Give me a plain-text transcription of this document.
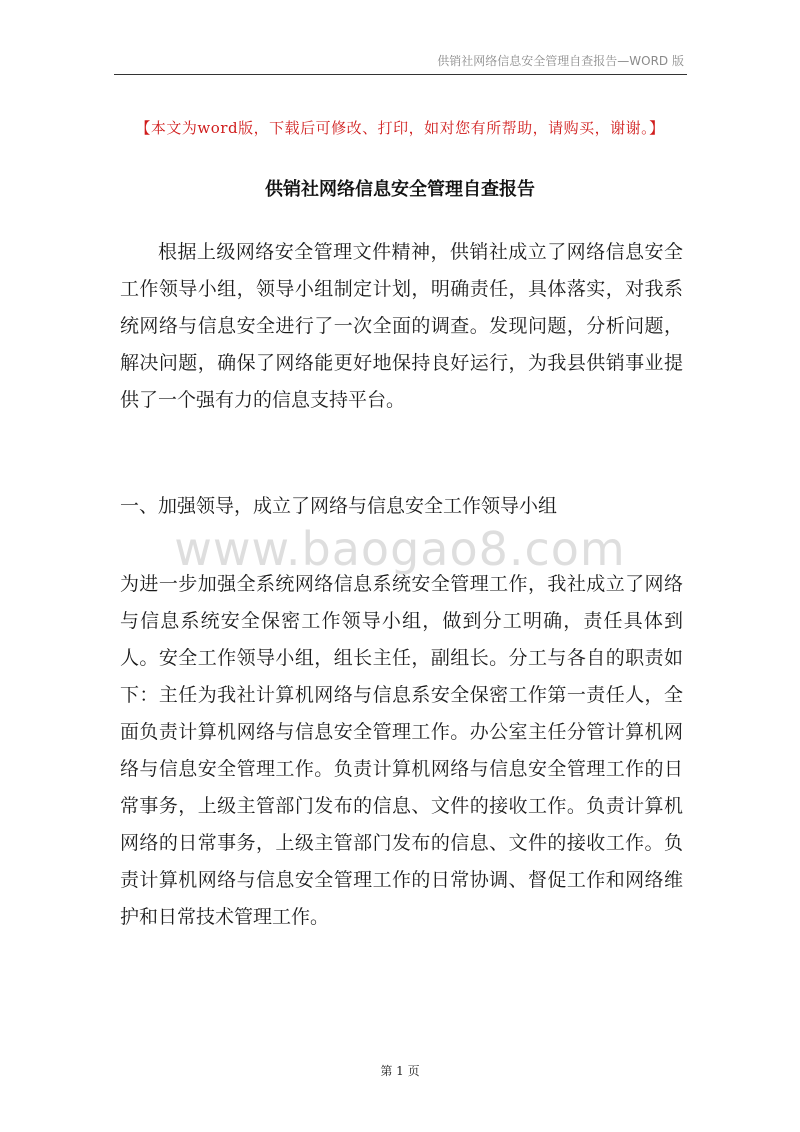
供销社网络信息安全管理自查报告—WORD 版
【本文为word版，下载后可修改、打印，如对您有所帮助，请购买，谢谢。】
供销社网络信息安全管理自查报告
根据上级网络安全管理文件精神，供销社成立了网络信息安全工作领导小组，领导小组制定计划，明确责任，具体落实，对我系统网络与信息安全进行了一次全面的调查。发现问题，分析问题，解决问题，确保了网络能更好地保持良好运行，为我县供销事业提供了一个强有力的信息支持平台。
一、加强领导，成立了网络与信息安全工作领导小组
www.baogao8.com
为进一步加强全系统网络信息系统安全管理工作，我社成立了网络与信息系统安全保密工作领导小组，做到分工明确，责任具体到人。安全工作领导小组，组长主任，副组长。分工与各自的职责如下：主任为我社计算机网络与信息系安全保密工作第一责任人，全面负责计算机网络与信息安全管理工作。办公室主任分管计算机网络与信息安全管理工作。负责计算机网络与信息安全管理工作的日常事务，上级主管部门发布的信息、文件的接收工作。负责计算机网络的日常事务，上级主管部门发布的信息、文件的接收工作。负责计算机网络与信息安全管理工作的日常协调、督促工作和网络维护和日常技术管理工作。
第 1 页
